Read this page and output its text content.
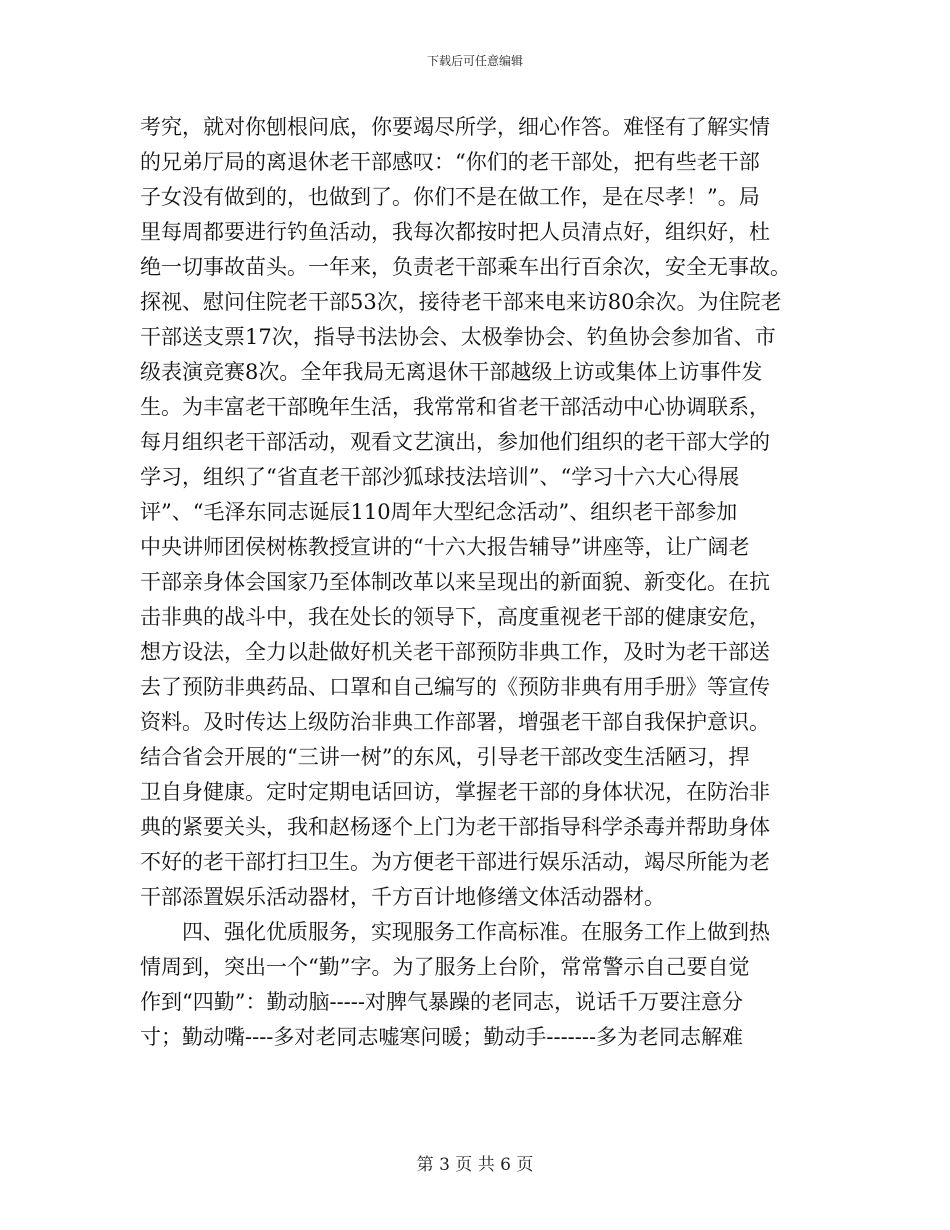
下载后可任意编辑
考究，就对你刨根问底，你要竭尽所学，细心作答。难怪有了解实情
的兄弟厅局的离退休老干部感叹：“你们的老干部处，把有些老干部
子女没有做到的，也做到了。你们不是在做工作，是在尽孝！”。局
里每周都要进行钓鱼活动，我每次都按时把人员清点好，组织好，杜
绝一切事故苗头。一年来，负责老干部乘车出行百余次，安全无事故。
探视、慰问住院老干部53次，接待老干部来电来访80余次。为住院老
干部送支票17次，指导书法协会、太极拳协会、钓鱼协会参加省、市
级表演竞赛8次。全年我局无离退休干部越级上访或集体上访事件发
生。为丰富老干部晚年生活，我常常和省老干部活动中心协调联系，
每月组织老干部活动，观看文艺演出，参加他们组织的老干部大学的
学习，组织了“省直老干部沙狐球技法培训”、“学习十六大心得展
评”、“毛泽东同志诞辰110周年大型纪念活动”、组织老干部参加
中央讲师团侯树栋教授宣讲的“十六大报告辅导”讲座等，让广阔老
干部亲身体会国家乃至体制改革以来呈现出的新面貌、新变化。在抗
击非典的战斗中，我在处长的领导下，高度重视老干部的健康安危，
想方设法，全力以赴做好机关老干部预防非典工作，及时为老干部送
去了预防非典药品、口罩和自己编写的《预防非典有用手册》等宣传
资料。及时传达上级防治非典工作部署，增强老干部自我保护意识。
结合省会开展的“三讲一树”的东风，引导老干部改变生活陋习，捍
卫自身健康。定时定期电话回访，掌握老干部的身体状况，在防治非
典的紧要关头，我和赵杨逐个上门为老干部指导科学杀毒并帮助身体
不好的老干部打扫卫生。为方便老干部进行娱乐活动，竭尽所能为老
干部添置娱乐活动器材，千方百计地修缮文体活动器材。
　　四、强化优质服务，实现服务工作高标准。在服务工作上做到热
情周到，突出一个“勤”字。为了服务上台阶，常常警示自己要自觉
作到“四勤”：勤动脑-----对脾气暴躁的老同志，说话千万要注意分
寸；勤动嘴----多对老同志嘘寒问暖；勤动手-------多为老同志解难
第 3 页 共 6 页
